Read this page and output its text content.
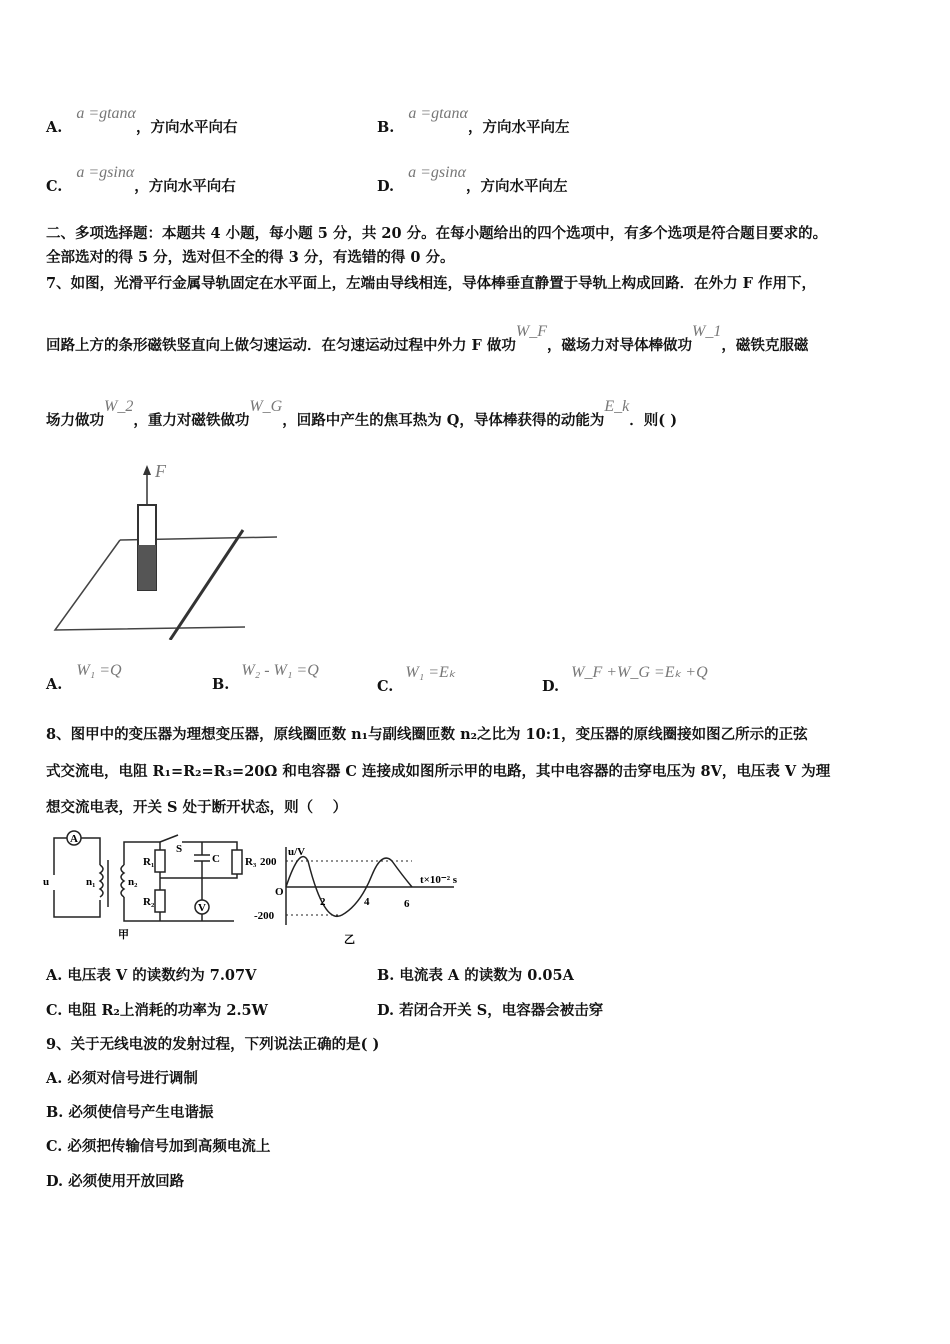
A.a =gtanα，方向水平向右	B.a =gtanα，方向水平向左
C.a =gsinα，方向水平向右	D.a =gsinα，方向水平向左
二、多项选择题：本题共 4 小题，每小题 5 分，共 20 分。在每小题给出的四个选项中，有多个选项是符合题目要求的。
全部选对的得 5 分，选对但不全的得 3 分，有选错的得 0 分。
7、如图，光滑平行金属导轨固定在水平面上，左端由导线相连，导体棒垂直静置于导轨上构成回路．在外力 F 作用下，
回路上方的条形磁铁竖直向上做匀速运动．在匀速运动过程中外力 F 做功W_F，磁场力对导体棒做功W_1，磁铁克服磁
场力做功W_2，重力对磁铁做功W_G，回路中产生的焦耳热为 Q，导体棒获得的动能为E_k．则( )
F
A.W₁ =Q
B.W₂ - W₁ =Q
C.W₁ =Eₖ
D.W_F +W_G =Eₖ +Q
8、图甲中的变压器为理想变压器，原线圈匝数 n₁与副线圈匝数 n₂之比为 10:1，变压器的原线圈接如图乙所示的正弦
式交流电，电阻 R₁=R₂=R₃=20Ω 和电容器 C 连接成如图所示甲的电路，其中电容器的击穿电压为 8V，电压表 V 为理
想交流电表，开关 S 处于断开状态，则（　 ）
A
V
u	n₁	n₂
R₁
R₂
R₃
C
S
甲
u/V
t×10⁻² s
200
-200
O
2	4	6
乙
A. 电压表 V 的读数约为 7.07V	B. 电流表 A 的读数为 0.05A
C. 电阻 R₂上消耗的功率为 2.5W	D. 若闭合开关 S，电容器会被击穿
9、关于无线电波的发射过程，下列说法正确的是( )
A. 必须对信号进行调制
B. 必须使信号产生电谐振
C. 必须把传输信号加到高频电流上
D. 必须使用开放回路
